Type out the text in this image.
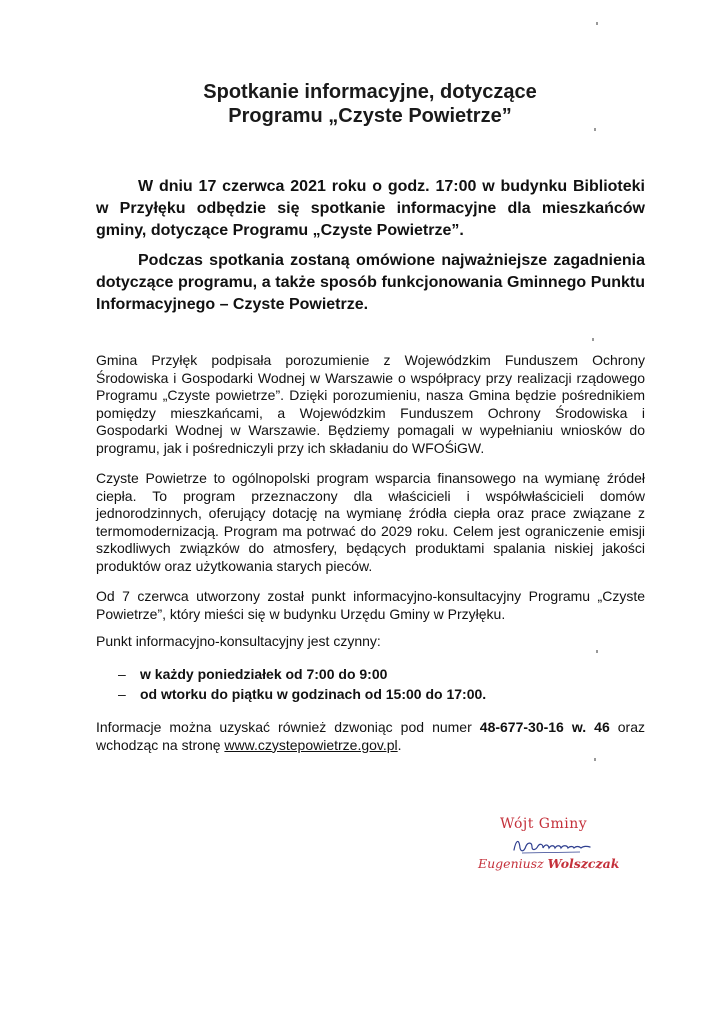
Spotkanie informacyjne, dotyczące
Programu „Czyste Powietrze”

W dniu 17 czerwca 2021 roku o godz. 17:00 w budynku Biblioteki w Przyłęku odbędzie się spotkanie informacyjne dla mieszkańców gminy, dotyczące Programu „Czyste Powietrze”.

Podczas spotkania zostaną omówione najważniejsze zagadnienia dotyczące programu, a także sposób funkcjonowania Gminnego Punktu Informacyjnego – Czyste Powietrze.

Gmina Przyłęk podpisała porozumienie z Wojewódzkim Funduszem Ochrony Środowiska i Gospodarki Wodnej w Warszawie o współpracy przy realizacji rządowego Programu „Czyste powietrze”. Dzięki porozumieniu, nasza Gmina będzie pośrednikiem pomiędzy mieszkańcami, a Wojewódzkim Funduszem Ochrony Środowiska i Gospodarki Wodnej w Warszawie. Będziemy pomagali w wypełnianiu wniosków do programu, jak i pośredniczyli przy ich składaniu do WFOŚiGW.

Czyste Powietrze to ogólnopolski program wsparcia finansowego na wymianę źródeł ciepła. To program przeznaczony dla właścicieli i współwłaścicieli domów jednorodzinnych, oferujący dotację na wymianę źródła ciepła oraz prace związane z termomodernizacją. Program ma potrwać do 2029 roku. Celem jest ograniczenie emisji szkodliwych związków do atmosfery, będących produktami spalania niskiej jakości produktów oraz użytkowania starych pieców.

Od 7 czerwca utworzony został punkt informacyjno-konsultacyjny Programu „Czyste Powietrze”, który mieści się w budynku Urzędu Gminy w Przyłęku.

Punkt informacyjno-konsultacyjny jest czynny:

– w każdy poniedziałek od 7:00 do 9:00
– od wtorku do piątku w godzinach od 15:00 do 17:00.

Informacje można uzyskać również dzwoniąc pod numer 48-677-30-16 w. 46 oraz wchodząc na stronę www.czystepowietrze.gov.pl.

Wójt Gminy
Eugeniusz Wolszczak
